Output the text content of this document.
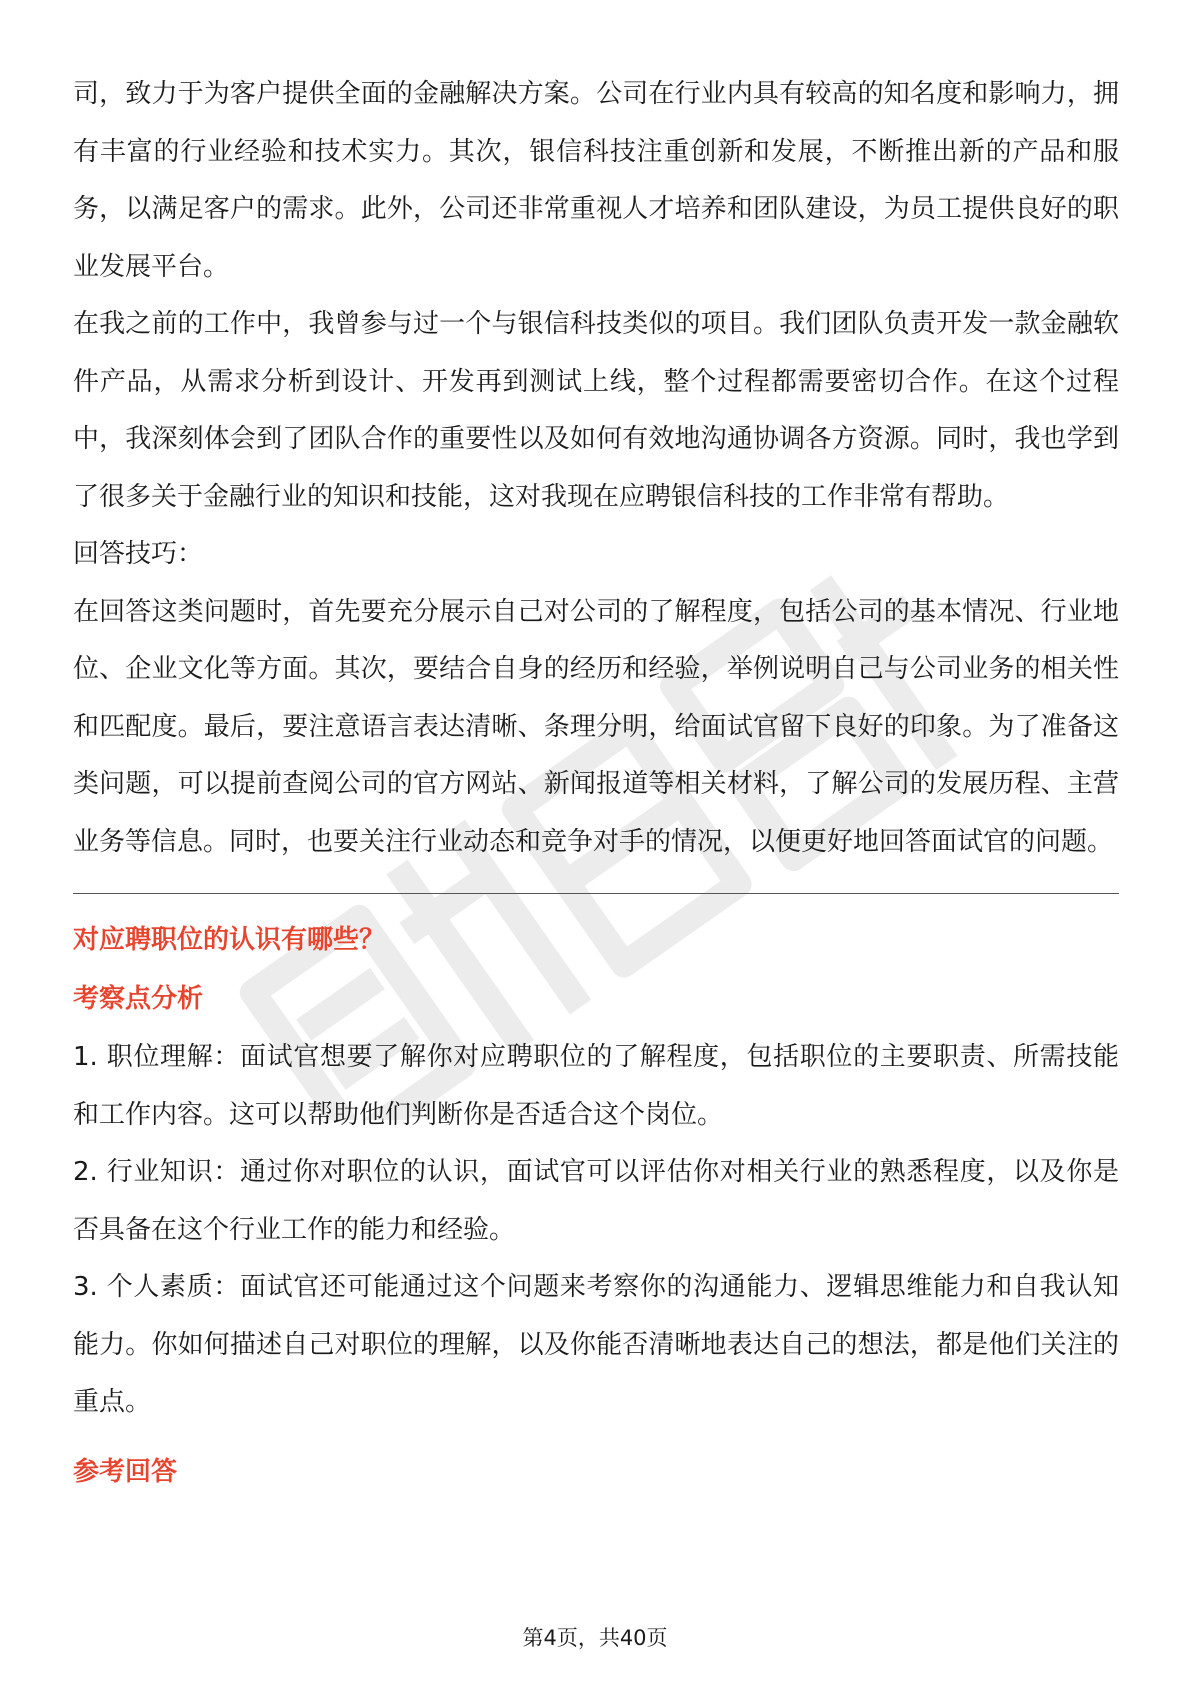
司，致力于为客户提供全面的金融解决方案。公司在行业内具有较高的知名度和影响力，拥有丰富的行业经验和技术实力。其次，银信科技注重创新和发展，不断推出新的产品和服务，以满足客户的需求。此外，公司还非常重视人才培养和团队建设，为员工提供良好的职业发展平台。

在我之前的工作中，我曾参与过一个与银信科技类似的项目。我们团队负责开发一款金融软件产品，从需求分析到设计、开发再到测试上线，整个过程都需要密切合作。在这个过程中，我深刻体会到了团队合作的重要性以及如何有效地沟通协调各方资源。同时，我也学到了很多关于金融行业的知识和技能，这对我现在应聘银信科技的工作非常有帮助。

回答技巧：

在回答这类问题时，首先要充分展示自己对公司的了解程度，包括公司的基本情况、行业地位、企业文化等方面。其次，要结合自身的经历和经验，举例说明自己与公司业务的相关性和匹配度。最后，要注意语言表达清晰、条理分明，给面试官留下良好的印象。为了准备这类问题，可以提前查阅公司的官方网站、新闻报道等相关材料，了解公司的发展历程、主营业务等信息。同时，也要关注行业动态和竞争对手的情况，以便更好地回答面试官的问题。

对应聘职位的认识有哪些？

考察点分析

1. 职位理解：面试官想要了解你对应聘职位的了解程度，包括职位的主要职责、所需技能和工作内容。这可以帮助他们判断你是否适合这个岗位。

2. 行业知识：通过你对职位的认识，面试官可以评估你对相关行业的熟悉程度，以及你是否具备在这个行业工作的能力和经验。

3. 个人素质：面试官还可能通过这个问题来考察你的沟通能力、逻辑思维能力和自我认知能力。你如何描述自己对职位的理解，以及你能否清晰地表达自己的想法，都是他们关注的重点。

参考回答

第4页，共40页
